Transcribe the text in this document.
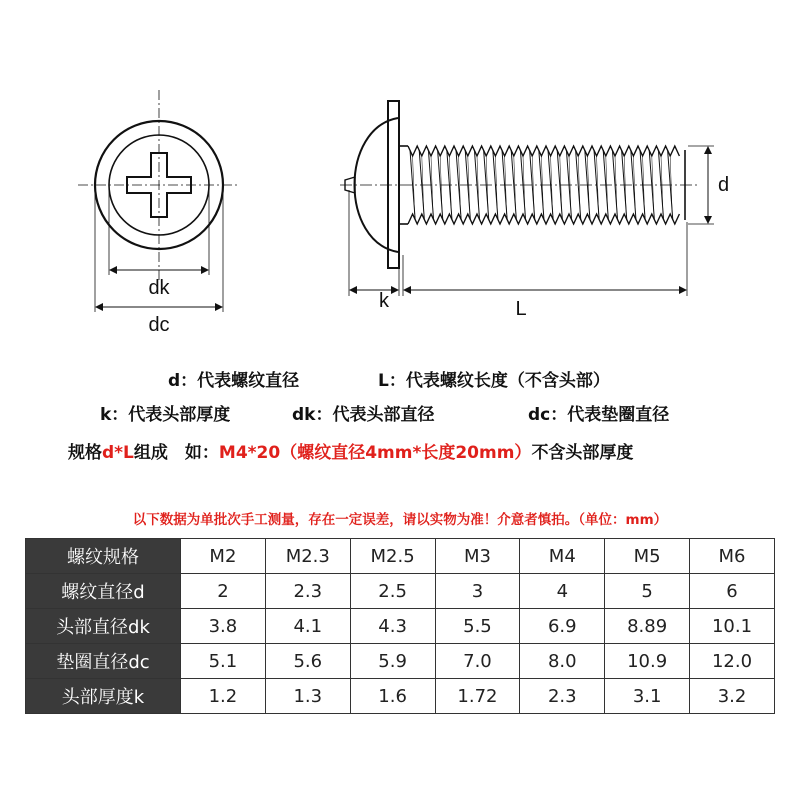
dk
dc
d
k	L
d：代表螺纹直径	L：代表螺纹长度（不含头部）
k：代表头部厚度	dk：代表头部直径	dc：代表垫圈直径
规格d*L组成　如：M4*20（螺纹直径4mm*长度20mm）不含头部厚度
以下数据为单批次手工测量，存在一定误差，请以实物为准！介意者慎拍。（单位：mm）
螺纹规格	M2	M2.3	M2.5	M3	M4	M5	M6
螺纹直径d	2	2.3	2.5	3	4	5	6
头部直径dk	3.8	4.1	4.3	5.5	6.9	8.89	10.1
垫圈直径dc	5.1	5.6	5.9	7.0	8.0	10.9	12.0
头部厚度k	1.2	1.3	1.6	1.72	2.3	3.1	3.2
